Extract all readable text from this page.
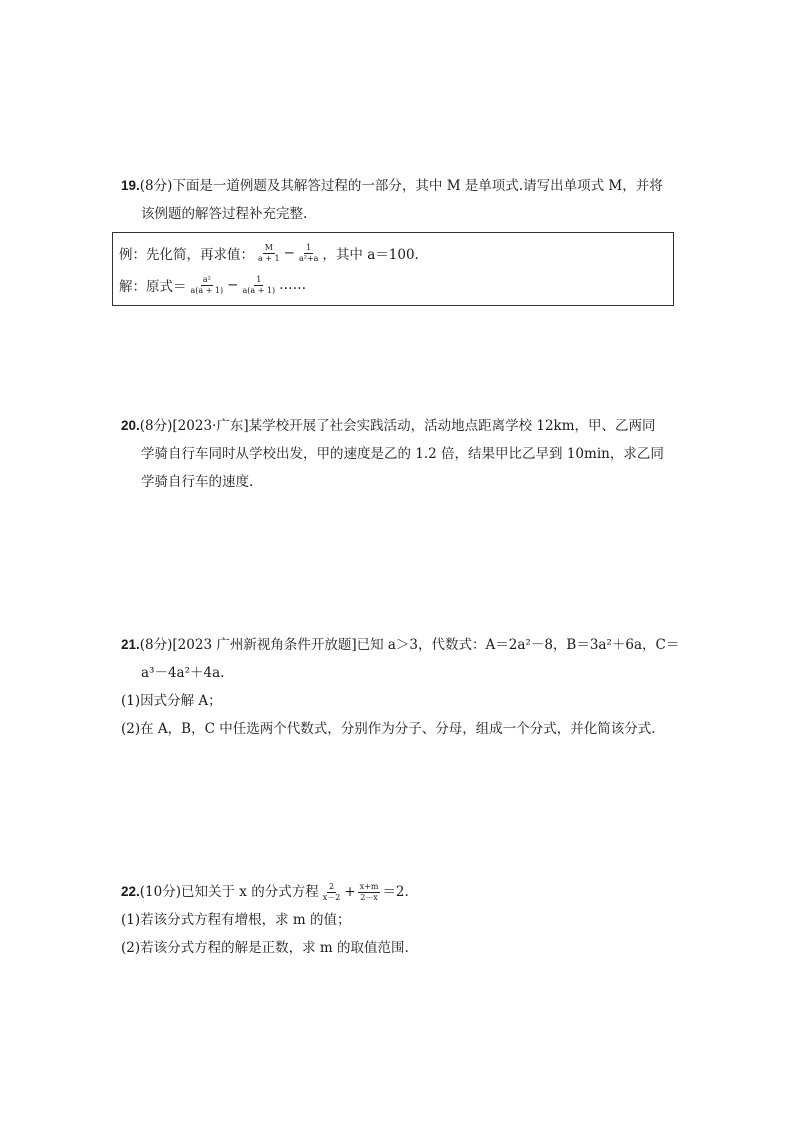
19.(8分)下面是一道例题及其解答过程的一部分，其中 M 是单项式.请写出单项式 M，并将
该例题的解答过程补充完整.
例：先化简，再求值： $\frac{M}{a + 1} - \frac{1}{\text{a²+a}}$ ，其中 a＝100.
解：原式＝ $\frac{\text{a²}}{a(a + 1)} - \frac{1}{a(a + 1)}$ ……
20.(8分)[2023·广东]某学校开展了社会实践活动，活动地点距离学校 12km，甲、乙两同
学骑自行车同时从学校出发，甲的速度是乙的 1.2 倍，结果甲比乙早到 10min，求乙同
学骑自行车的速度.
21.(8分)[2023 广州新视角条件开放题]已知 a＞3，代数式：A＝2a²－8，B＝3a²＋6a，C＝
a³－4a²＋4a.
(1)因式分解 A；
(2)在 A，B，C 中任选两个代数式，分别作为分子、分母，组成一个分式，并化简该分式.
22.(10分)已知关于 x 的分式方程 $\frac{2}{x-2} + \frac{x+m}{2-x} =2$.
(1)若该分式方程有增根，求 m 的值；
(2)若该分式方程的解是正数，求 m 的取值范围.
